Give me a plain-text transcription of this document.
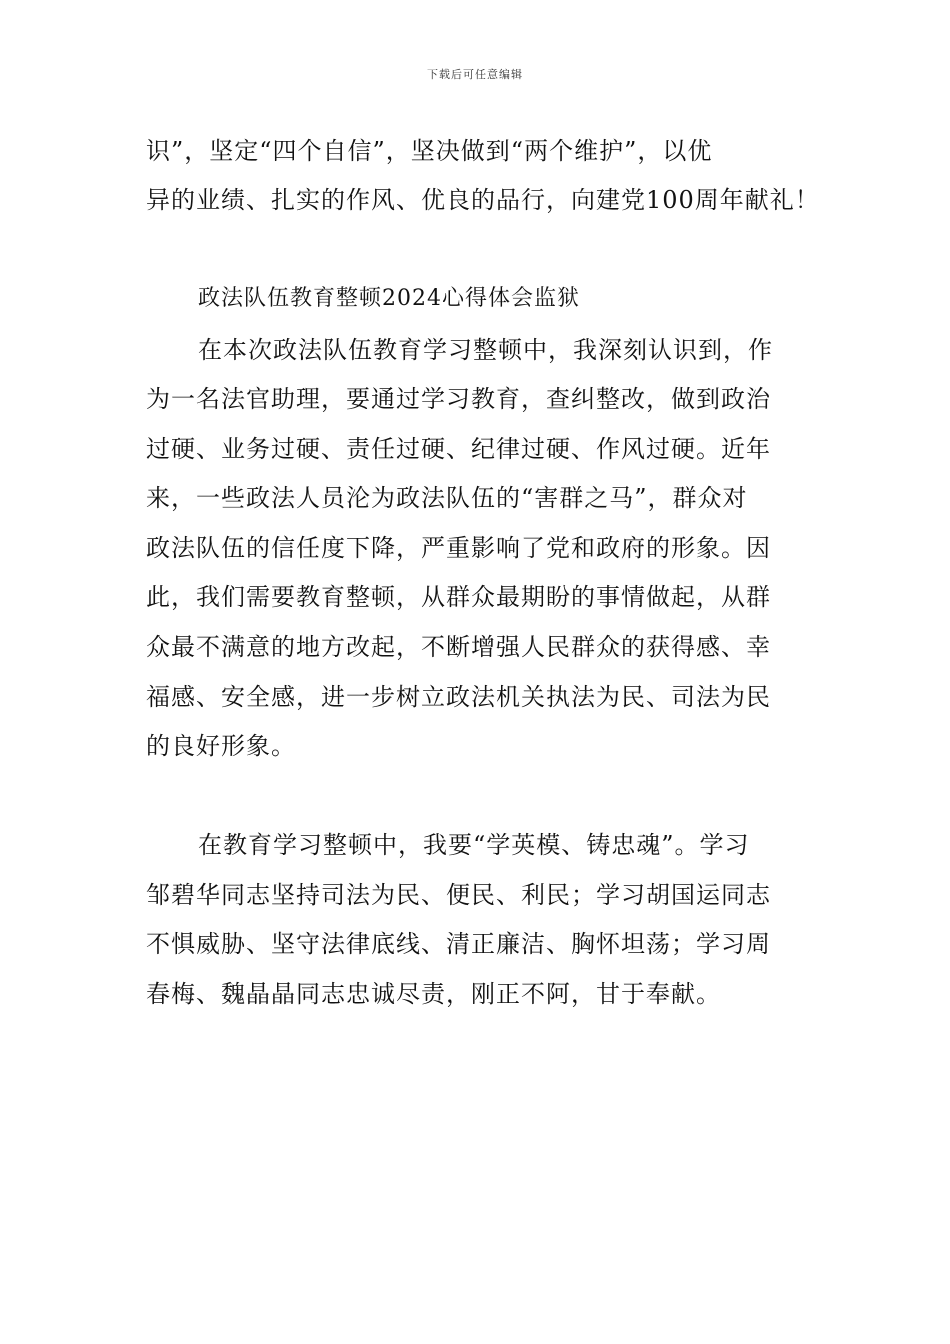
下载后可任意编辑
识”，坚定“四个自信”，坚决做到“两个维护”，以优
异的业绩、扎实的作风、优良的品行，向建党100周年献礼！
政法队伍教育整顿2024心得体会监狱
在本次政法队伍教育学习整顿中，我深刻认识到，作
为一名法官助理，要通过学习教育，查纠整改，做到政治
过硬、业务过硬、责任过硬、纪律过硬、作风过硬。近年
来，一些政法人员沦为政法队伍的“害群之马”，群众对
政法队伍的信任度下降，严重影响了党和政府的形象。因
此，我们需要教育整顿，从群众最期盼的事情做起，从群
众最不满意的地方改起，不断增强人民群众的获得感、幸
福感、安全感，进一步树立政法机关执法为民、司法为民
的良好形象。
在教育学习整顿中，我要“学英模、铸忠魂”。学习
邹碧华同志坚持司法为民、便民、利民；学习胡国运同志
不惧威胁、坚守法律底线、清正廉洁、胸怀坦荡；学习周
春梅、魏晶晶同志忠诚尽责，刚正不阿，甘于奉献。
